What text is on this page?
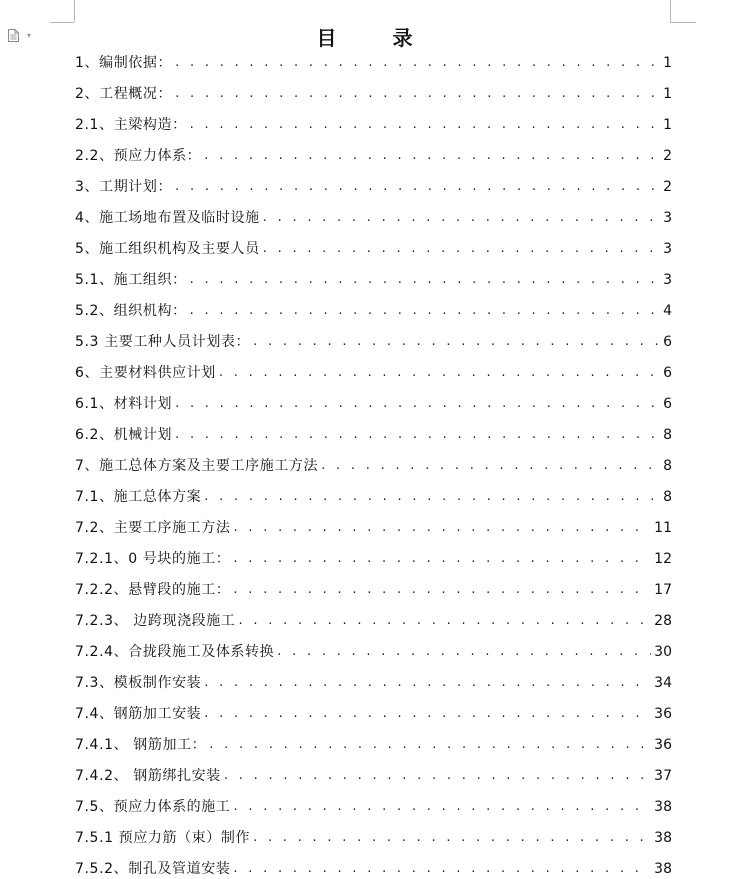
▾	目　录
1、编制依据： . . .	1
2、工程概况： . . .	1
2.1、主梁构造： . . .	1
2.2、预应力体系： . . .	2
3、工期计划： . . .	2
4、施工场地布置及临时设施 . . .	3
5、施工组织机构及主要人员 . . .	3
5.1、施工组织： . . .	3
5.2、组织机构： . . .	4
5.3 主要工种人员计划表： . . .	6
6、主要材料供应计划 . . .	6
6.1、材料计划 . . .	6
6.2、机械计划 . . .	8
7、施工总体方案及主要工序施工方法 . . .	8
7.1、施工总体方案 . . .	8
7.2、主要工序施工方法 . . .	11
7.2.1、0 号块的施工： . . .	12
7.2.2、悬臂段的施工： . . .	17
7.2.3、 边跨现浇段施工 . . .	28
7.2.4、合拢段施工及体系转换 . . .	30
7.3、模板制作安装 . . .	34
7.4、钢筋加工安装 . . .	36
7.4.1、 钢筋加工： . . .	36
7.4.2、 钢筋绑扎安装 . . .	37
7.5、预应力体系的施工 . . .	38
7.5.1 预应力筋（束）制作 . . .	38
7.5.2、制孔及管道安装 . . .	38
